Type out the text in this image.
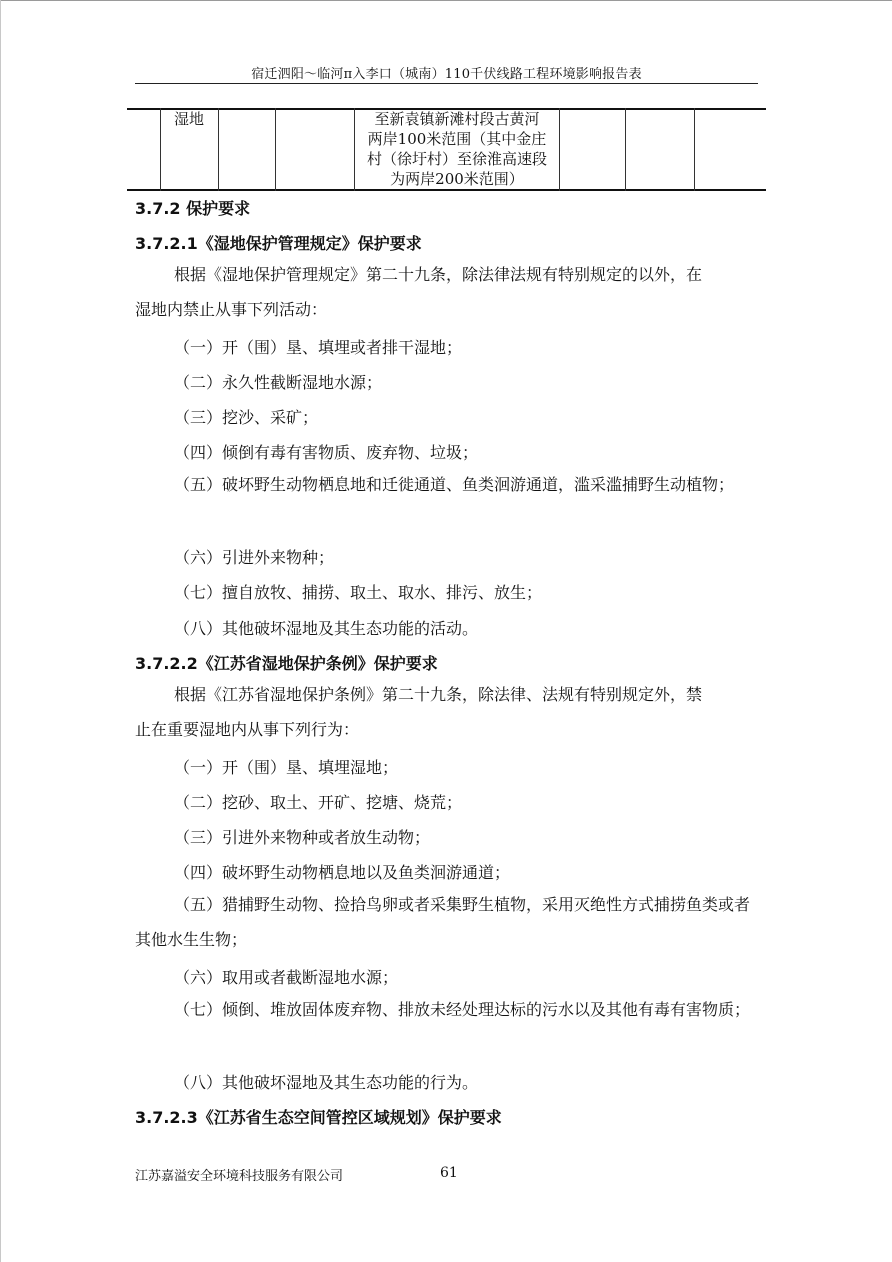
宿迁泗阳～临河π入李口（城南）110千伏线路工程环境影响报告表
湿地	至新袁镇新滩村段古黄河
两岸100米范围（其中金庄
村（徐圩村）至徐淮高速段
为两岸200米范围）
3.7.2 保护要求
3.7.2.1《湿地保护管理规定》保护要求
根据《湿地保护管理规定》第二十九条，除法律法规有特别规定的以外，在
湿地内禁止从事下列活动：
（一）开（围）垦、填埋或者排干湿地；
（二）永久性截断湿地水源；
（三）挖沙、采矿；
（四）倾倒有毒有害物质、废弃物、垃圾；
（五）破坏野生动物栖息地和迁徙通道、鱼类洄游通道，滥采滥捕野生动植物；
（六）引进外来物种；
（七）擅自放牧、捕捞、取土、取水、排污、放生；
（八）其他破坏湿地及其生态功能的活动。
3.7.2.2《江苏省湿地保护条例》保护要求
根据《江苏省湿地保护条例》第二十九条，除法律、法规有特别规定外，禁
止在重要湿地内从事下列行为：
（一）开（围）垦、填埋湿地；
（二）挖砂、取土、开矿、挖塘、烧荒；
（三）引进外来物种或者放生动物；
（四）破坏野生动物栖息地以及鱼类洄游通道；
（五）猎捕野生动物、捡拾鸟卵或者采集野生植物，采用灭绝性方式捕捞鱼类或者其他水生生物；
（六）取用或者截断湿地水源；
（七）倾倒、堆放固体废弃物、排放未经处理达标的污水以及其他有毒有害物质；
（八）其他破坏湿地及其生态功能的行为。
3.7.2.3《江苏省生态空间管控区域规划》保护要求
江苏嘉溢安全环境科技服务有限公司	61
